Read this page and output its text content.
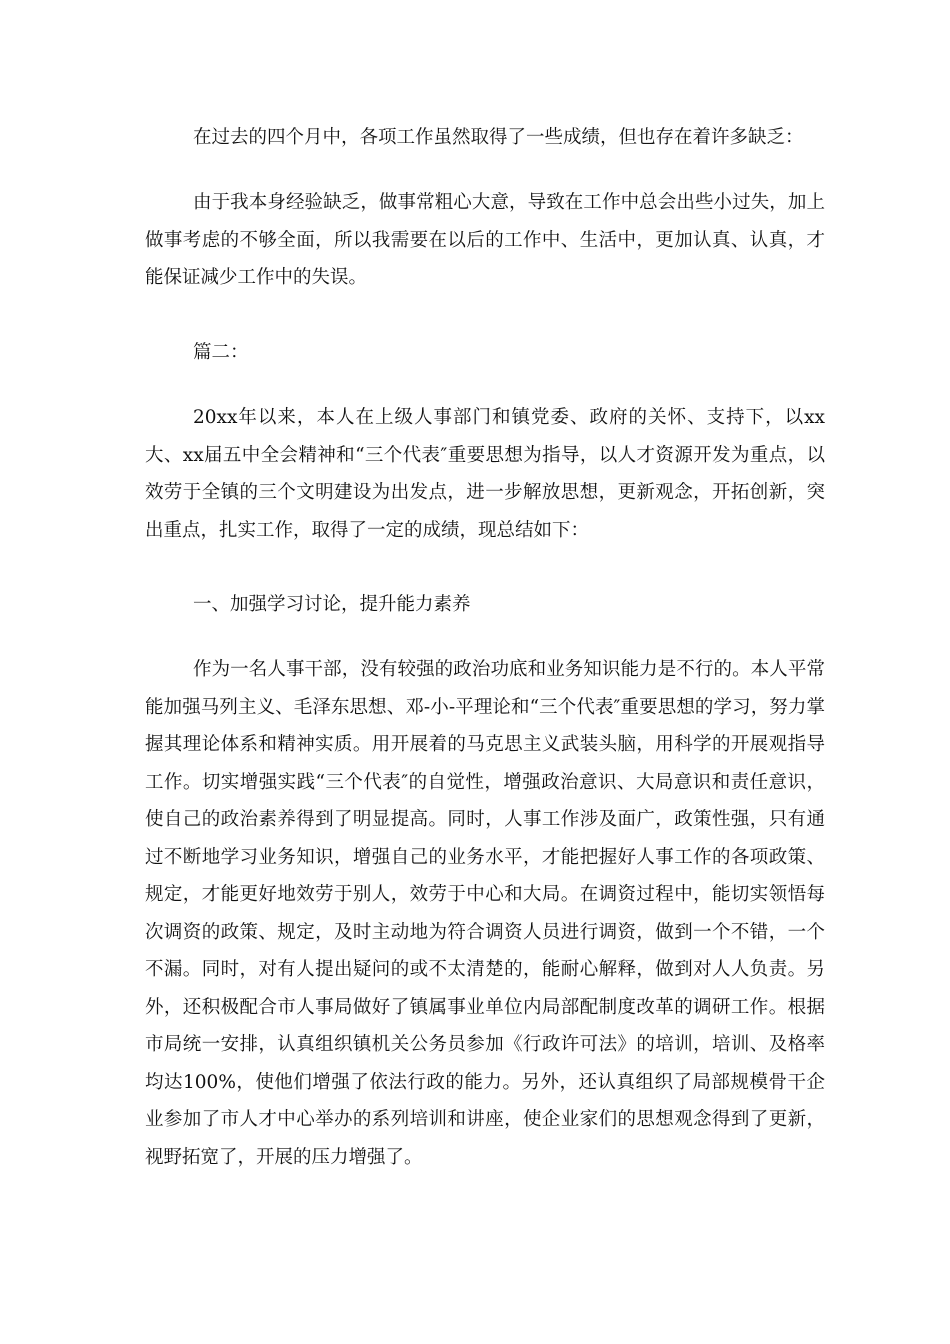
在过去的四个月中，各项工作虽然取得了一些成绩，但也存在着许多缺乏：

由于我本身经验缺乏，做事常粗心大意，导致在工作中总会出些小过失，加上做事考虑的不够全面，所以我需要在以后的工作中、生活中，更加认真、认真，才能保证减少工作中的失误。

篇二：

20xx年以来，本人在上级人事部门和镇党委、政府的关怀、支持下，以xx大、xx届五中全会精神和“三个代表″重要思想为指导，以人才资源开发为重点，以效劳于全镇的三个文明建设为出发点，进一步解放思想，更新观念，开拓创新，突出重点，扎实工作，取得了一定的成绩，现总结如下：

一、加强学习讨论，提升能力素养

作为一名人事干部，没有较强的政治功底和业务知识能力是不行的。本人平常能加强马列主义、毛泽东思想、邓-小-平理论和“三个代表″重要思想的学习，努力掌握其理论体系和精神实质。用开展着的马克思主义武装头脑，用科学的开展观指导工作。切实增强实践“三个代表″的自觉性，增强政治意识、大局意识和责任意识，使自己的政治素养得到了明显提高。同时，人事工作涉及面广，政策性强，只有通过不断地学习业务知识，增强自己的业务水平，才能把握好人事工作的各项政策、规定，才能更好地效劳于别人，效劳于中心和大局。在调资过程中，能切实领悟每次调资的政策、规定，及时主动地为符合调资人员进行调资，做到一个不错，一个不漏。同时，对有人提出疑问的或不太清楚的，能耐心解释，做到对人人负责。另外，还积极配合市人事局做好了镇属事业单位内局部配制度改革的调研工作。根据市局统一安排，认真组织镇机关公务员参加《行政许可法》的培训，培训、及格率均达100%，使他们增强了依法行政的能力。另外，还认真组织了局部规模骨干企业参加了市人才中心举办的系列培训和讲座，使企业家们的思想观念得到了更新，视野拓宽了，开展的压力增强了。
